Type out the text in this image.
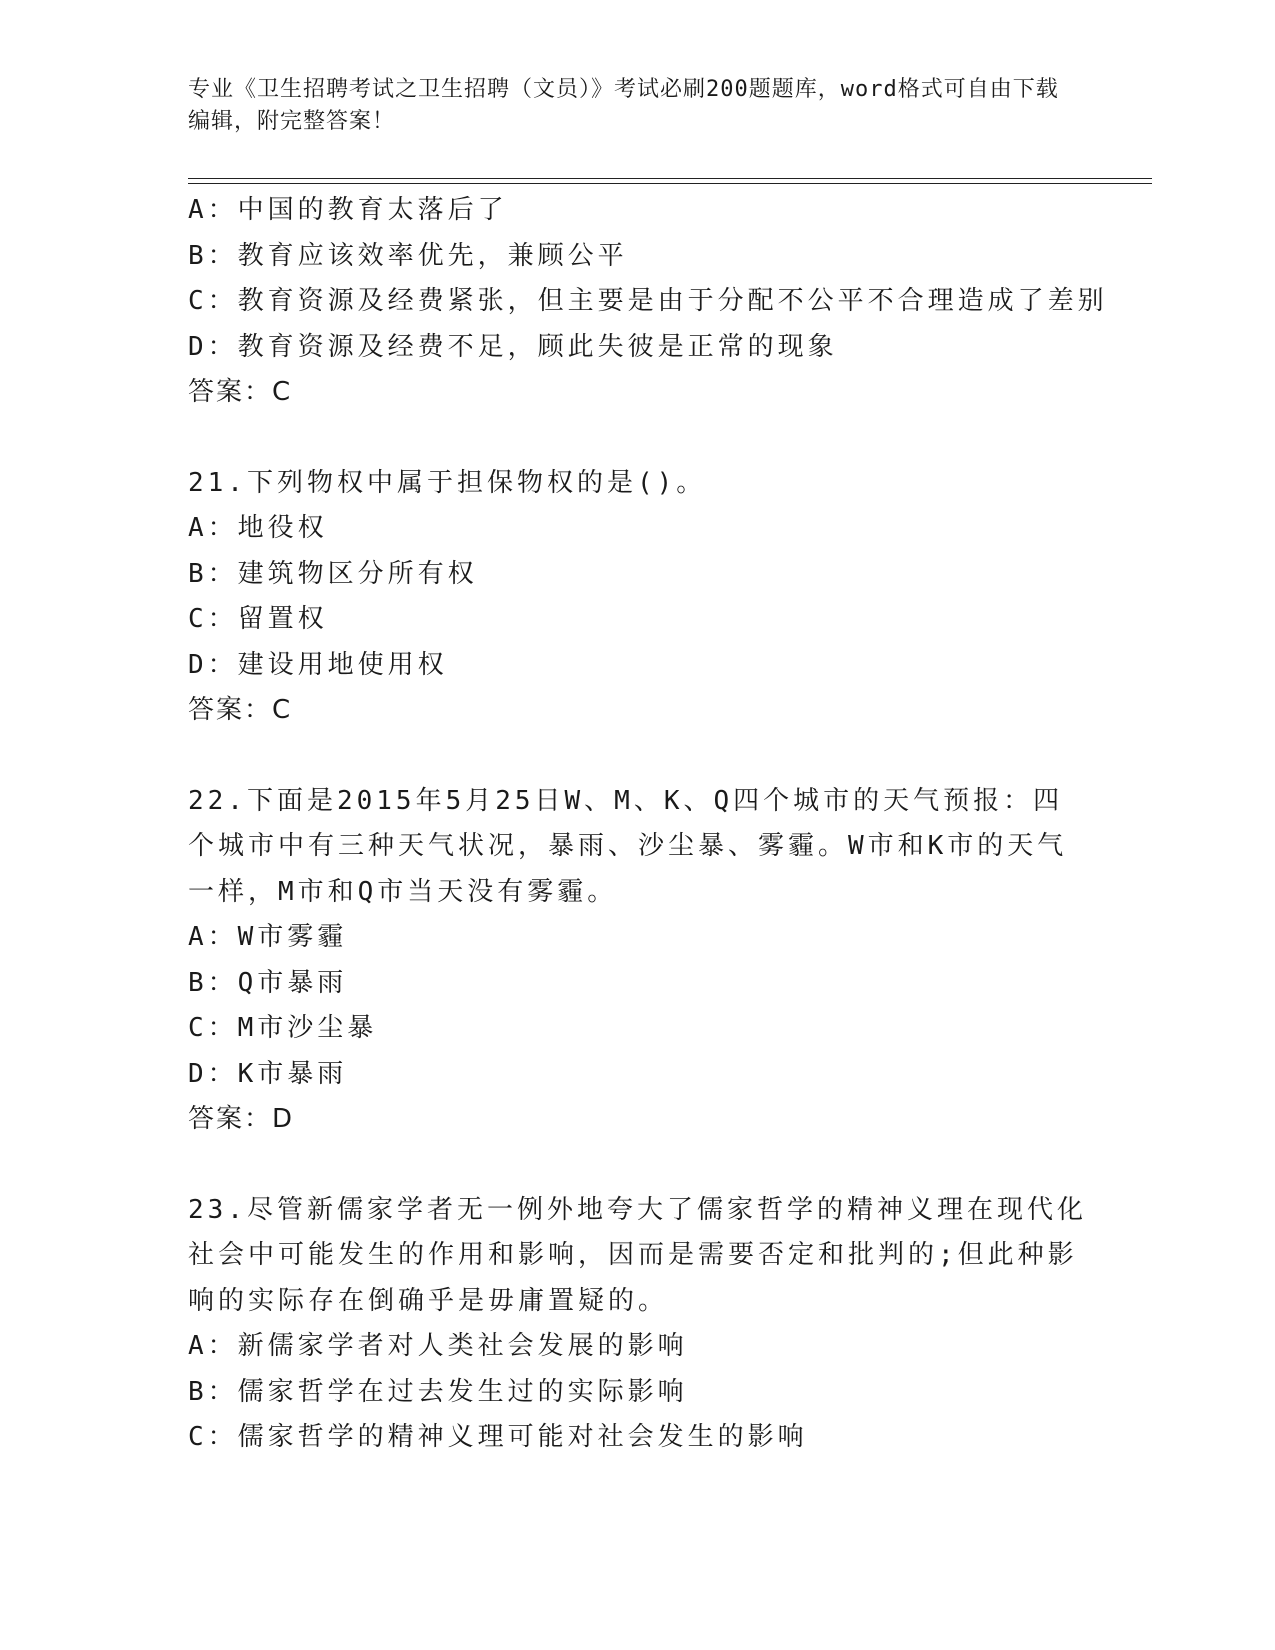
专业《卫生招聘考试之卫生招聘（文员）》考试必刷200题题库，word格式可自由下载编辑，附完整答案！
A：中国的教育太落后了
B：教育应该效率优先，兼顾公平
C：教育资源及经费紧张，但主要是由于分配不公平不合理造成了差别
D：教育资源及经费不足，顾此失彼是正常的现象
答案：C
21.下列物权中属于担保物权的是()。
A：地役权
B：建筑物区分所有权
C：留置权
D：建设用地使用权
答案：C
22.下面是2015年5月25日W、M、K、Q四个城市的天气预报：四个城市中有三种天气状况，暴雨、沙尘暴、雾霾。W市和K市的天气一样，M市和Q市当天没有雾霾。
A：W市雾霾
B：Q市暴雨
C：M市沙尘暴
D：K市暴雨
答案：D
23.尽管新儒家学者无一例外地夸大了儒家哲学的精神义理在现代化社会中可能发生的作用和影响，因而是需要否定和批判的;但此种影响的实际存在倒确乎是毋庸置疑的。
A：新儒家学者对人类社会发展的影响
B：儒家哲学在过去发生过的实际影响
C：儒家哲学的精神义理可能对社会发生的影响
